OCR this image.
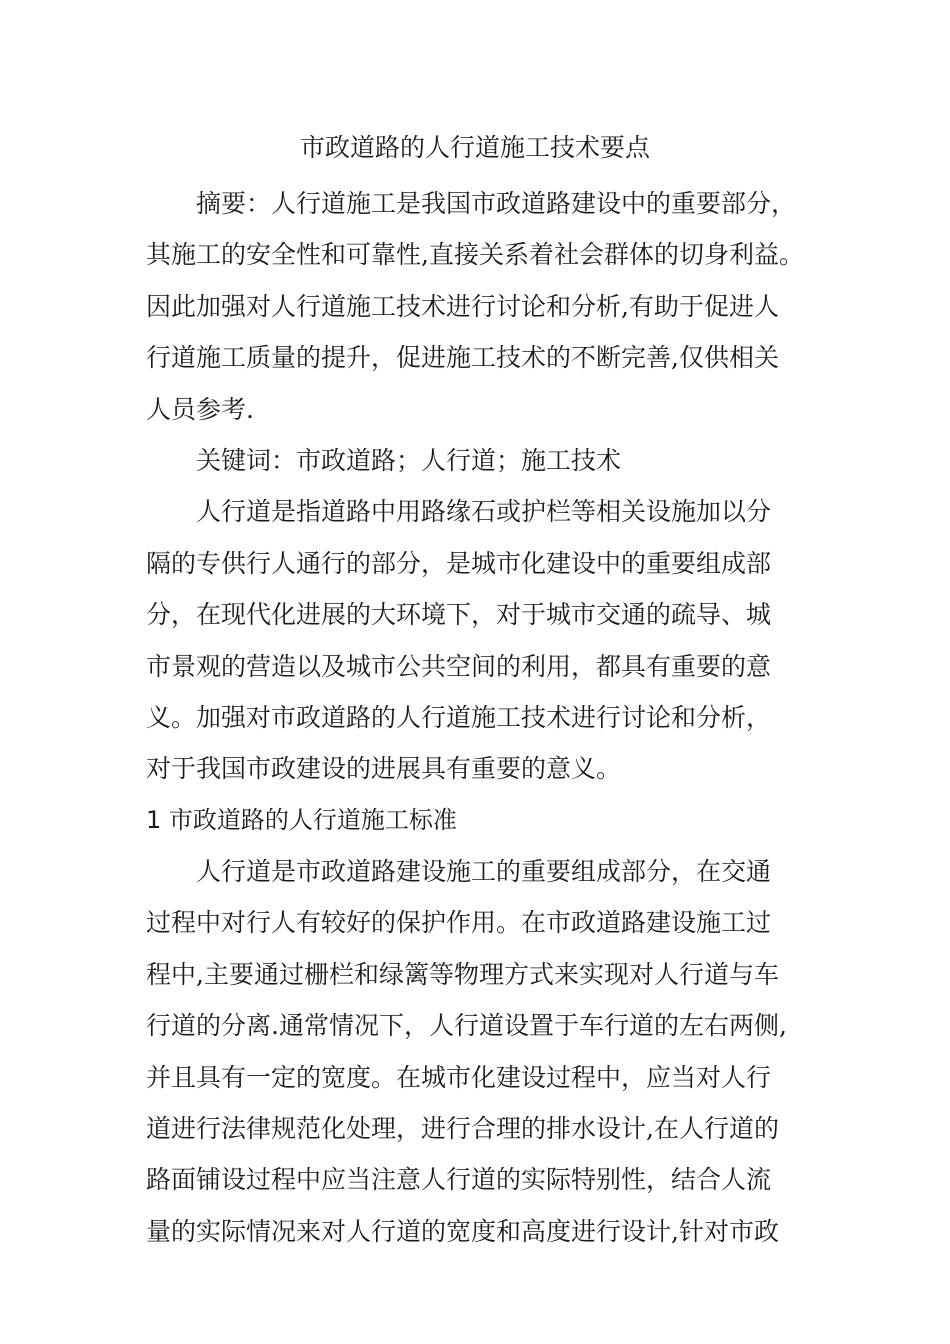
市政道路的人行道施工技术要点

摘要：人行道施工是我国市政道路建设中的重要部分，

其施工的安全性和可靠性,直接关系着社会群体的切身利益。

因此加强对人行道施工技术进行讨论和分析,有助于促进人

行道施工质量的提升，促进施工技术的不断完善,仅供相关

人员参考.

关键词：市政道路；人行道；施工技术

人行道是指道路中用路缘石或护栏等相关设施加以分

隔的专供行人通行的部分，是城市化建设中的重要组成部

分，在现代化进展的大环境下，对于城市交通的疏导、城

市景观的营造以及城市公共空间的利用，都具有重要的意

义。加强对市政道路的人行道施工技术进行讨论和分析，

对于我国市政建设的进展具有重要的意义。

1 市政道路的人行道施工标准

人行道是市政道路建设施工的重要组成部分，在交通

过程中对行人有较好的保护作用。在市政道路建设施工过

程中,主要通过栅栏和绿篱等物理方式来实现对人行道与车

行道的分离.通常情况下，人行道设置于车行道的左右两侧,

并且具有一定的宽度。在城市化建设过程中，应当对人行

道进行法律规范化处理，进行合理的排水设计,在人行道的

路面铺设过程中应当注意人行道的实际特别性，结合人流

量的实际情况来对人行道的宽度和高度进行设计,针对市政
